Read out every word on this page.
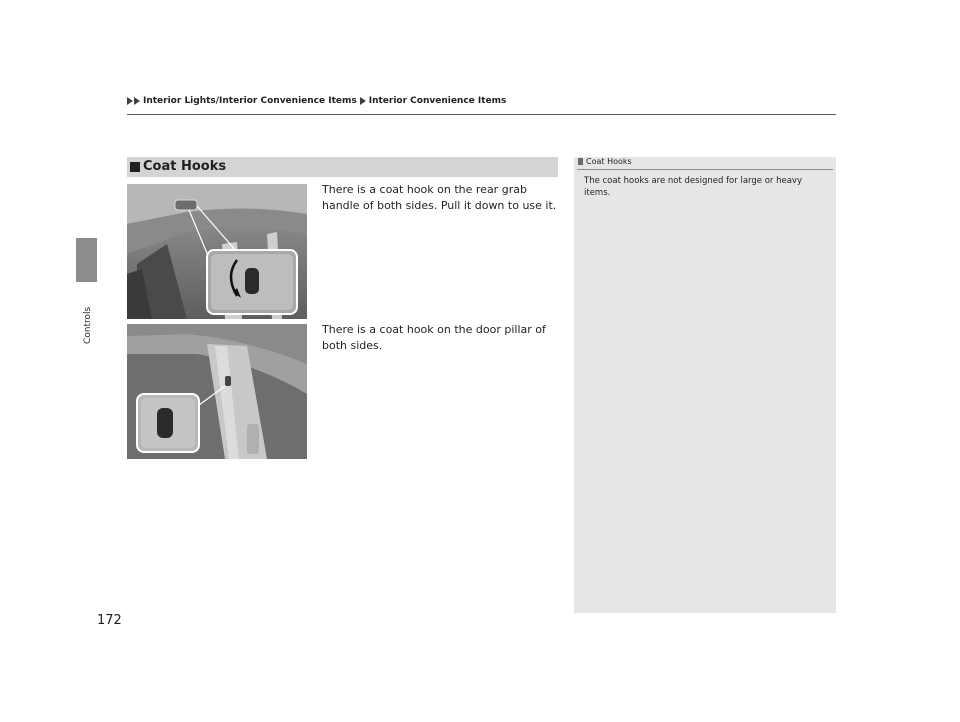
Interior Lights/Interior Convenience Items Interior Convenience Items
Controls
Coat Hooks
There is a coat hook on the rear grab handle of both sides. Pull it down to use it.
There is a coat hook on the door pillar of both sides.
Coat Hooks
The coat hooks are not designed for large or heavy items.
172
